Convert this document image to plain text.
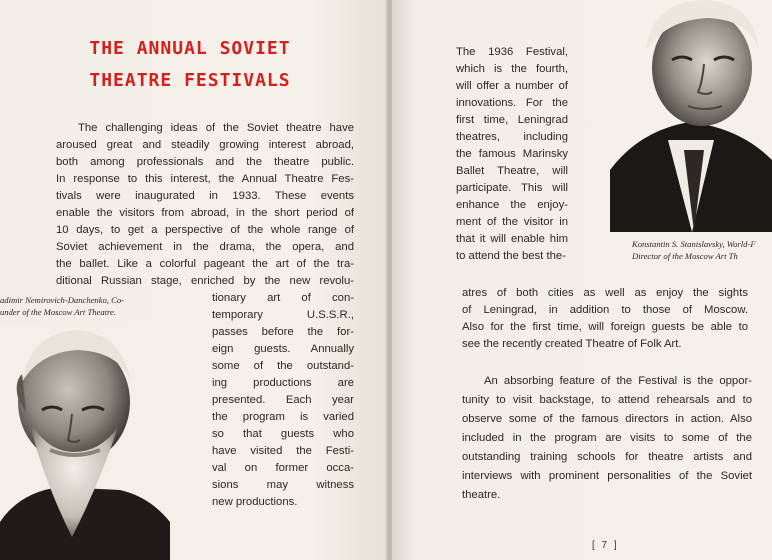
THE ANNUAL SOVIET
THEATRE FESTIVALS

The challenging ideas of the Soviet theatre have

aroused great and steadily growing interest abroad,

both among professionals and the theatre public.

In response to this interest, the Annual Theatre Fes-

tivals were inaugurated in 1933. These events

enable the visitors from abroad, in the short period of

10 days, to get a perspective of the whole range of

Soviet achievement in the drama, the opera, and

the ballet. Like a colorful pageant the art of the tra-

ditional Russian stage, enriched by the new revolu-

adimir Nemirovich-Danchenko, Co-
under of the Moscow Art Theatre.

tionary art of con-

temporary U.S.S.R.,

passes before the for-

eign guests. Annually

some of the outstand-

ing productions are

presented. Each year

the program is varied

so that guests who

have visited the Festi-

val on former occa-

sions may witness

new productions.

The 1936 Festival,

which is the fourth,

will offer a number of

innovations. For the

first time, Leningrad

theatres, including

the famous Marinsky

Ballet Theatre, will

participate. This will

enhance the enjoy-

ment of the visitor in

that it will enable him

to attend the best the-

Konstantin S. Stanislavsky, World-F
Director of the Moscow Art Th

atres of both cities as well as enjoy the sights

of Leningrad, in addition to those of Moscow.

Also for the first time, will foreign guests be able to

see the recently created Theatre of Folk Art.

An absorbing feature of the Festival is the oppor-

tunity to visit backstage, to attend rehearsals and to

observe some of the famous directors in action. Also

included in the program are visits to some of the

outstanding training schools for theatre artists and

interviews with prominent personalities of the Soviet

theatre.

[ 7 ]
